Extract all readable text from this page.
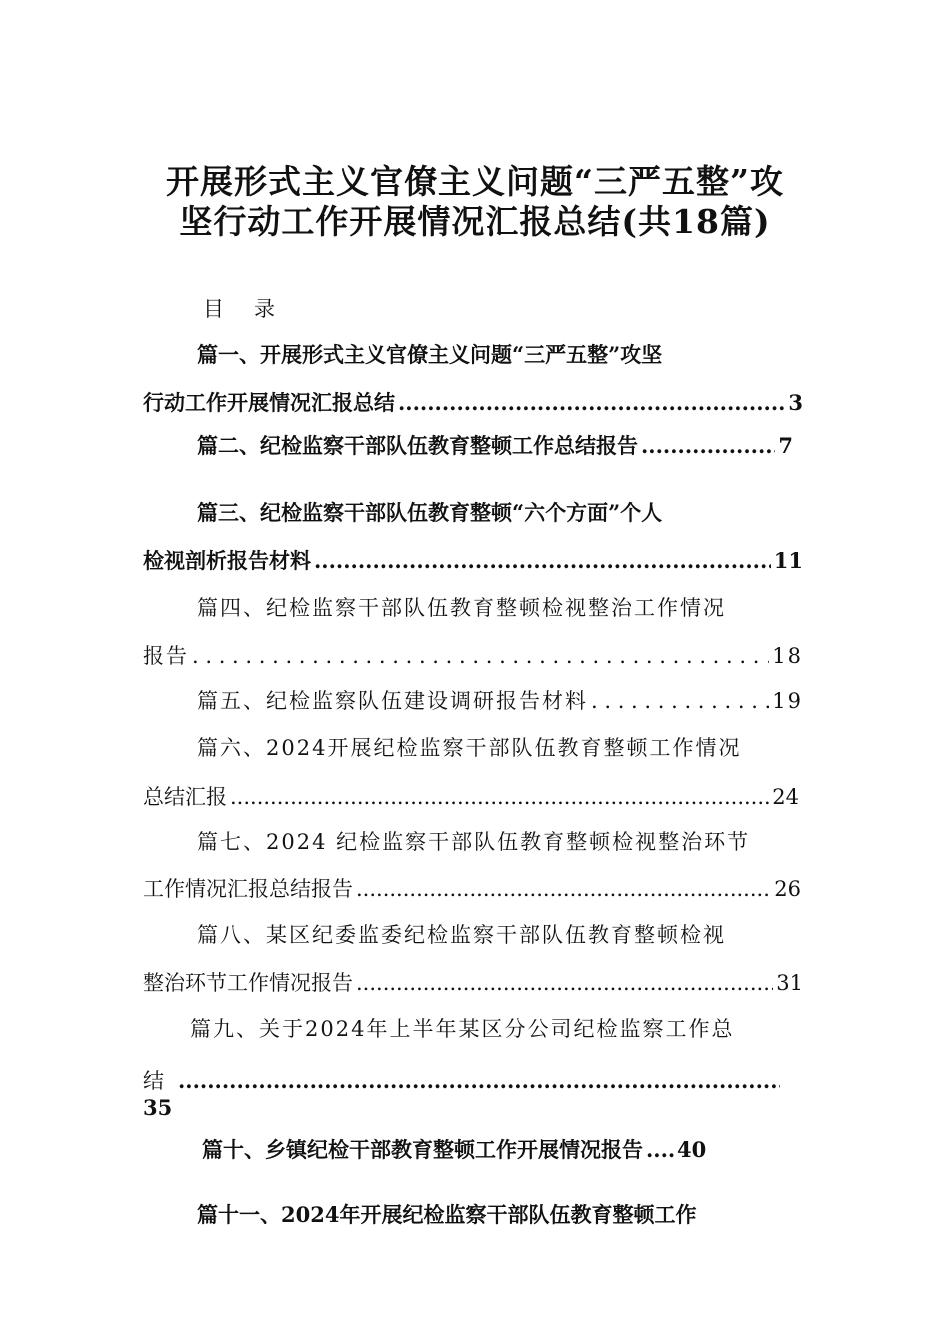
开展形式主义官僚主义问题“三严五整”攻
坚行动工作开展情况汇报总结(共18篇)
目 录
篇一、开展形式主义官僚主义问题“三严五整”攻坚
行动工作开展情况汇报总结 .....	3
篇二、纪检监察干部队伍教育整顿工作总结报告 .....	7
篇三、纪检监察干部队伍教育整顿“六个方面”个人
检视剖析报告材料 .....	11
篇四、纪检监察干部队伍教育整顿检视整治工作情况
报告 . . .	18
篇五、纪检监察队伍建设调研报告材料 . . .	19
篇六、2024开展纪检监察干部队伍教育整顿工作情况
总结汇报 .....	24
篇七、2024 纪检监察干部队伍教育整顿检视整治环节
工作情况汇报总结报告 .....	26
篇八、某区纪委监委纪检监察干部队伍教育整顿检视
整治环节工作情况报告 .....	31
篇九、关于2024年上半年某区分公司纪检监察工作总
结
.....
35
篇十、乡镇纪检干部教育整顿工作开展情况报告 ..... 40
篇十一、2024年开展纪检监察干部队伍教育整顿工作
